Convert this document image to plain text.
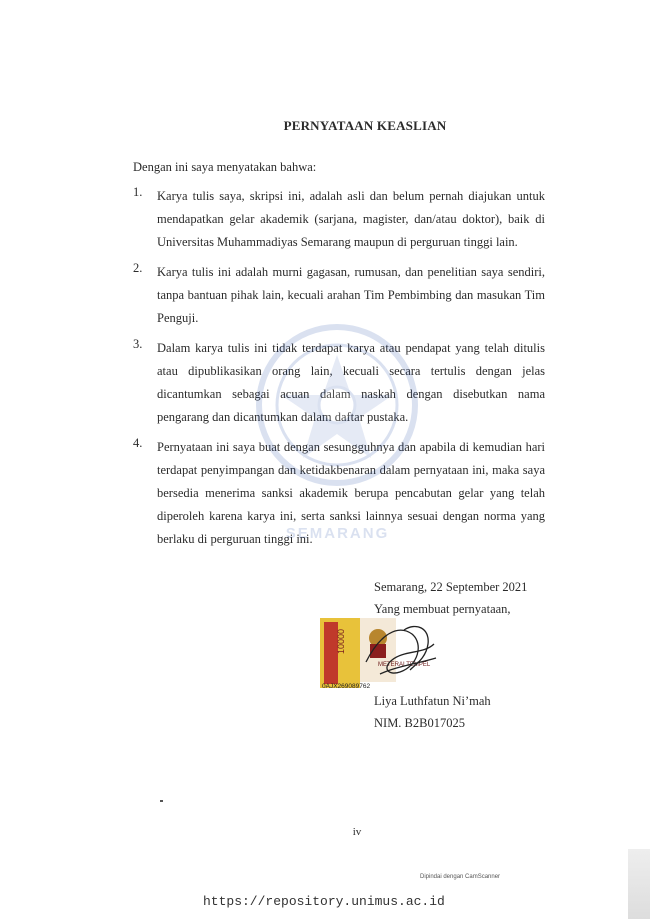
PERNYATAAN KEASLIAN
Dengan ini saya menyatakan bahwa:
1. Karya tulis saya, skripsi ini, adalah asli dan belum pernah diajukan untuk mendapatkan gelar akademik (sarjana, magister, dan/atau doktor), baik di Universitas Muhammadiyas Semarang maupun di perguruan tinggi lain.
2. Karya tulis ini adalah murni gagasan, rumusan, dan penelitian saya sendiri, tanpa bantuan pihak lain, kecuali arahan Tim Pembimbing dan masukan Tim Penguji.
3. Dalam karya tulis ini tidak terdapat karya atau pendapat yang telah ditulis atau dipublikasikan orang lain, kecuali secara tertulis dengan jelas dicantumkan sebagai acuan dalam naskah dengan disebutkan nama pengarang dan dicantumkan dalam daftar pustaka.
4. Pernyataan ini saya buat dengan sesungguhnya dan apabila di kemudian hari terdapat penyimpangan dan ketidakbenaran dalam pernyataan ini, maka saya bersedia menerima sanksi akademik berupa pencabutan gelar yang telah diperoleh karena karya ini, serta sanksi lainnya sesuai dengan norma yang berlaku di perguruan tinggi ini.
SEMARANG
Semarang, 22 September 2021
Yang membuat pernyataan,
10000
METERAI TEMPEL
0AJX269089762
Liya Luthfatun Ni’mah
NIM. B2B017025
iv
Dipindai dengan CamScanner
https://repository.unimus.ac.id
